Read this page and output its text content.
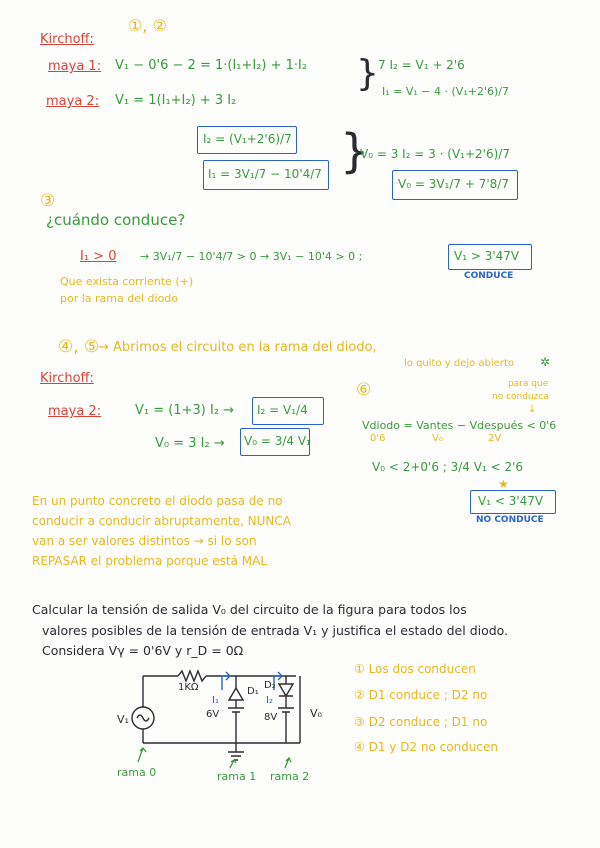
①, ②
Kirchoff:
maya 1: V₁ − 0'6 − 2 = 1·(I₁+I₂) + 1·I₂
maya 2: V₁ = 1(I₁+I₂) + 3 I₂
} 7 I₂ = V₁ + 2'6
I₁ = V₁ − 4 · (V₁+2'6)/7
I₂ = (V₁+2'6)/7
I₁ = 3V₁/7 − 10'4/7 }
V₀ = 3 I₂ = 3 · (V₁+2'6)/7
V₀ = 3V₁/7 + 7'8/7
③
¿cuándo conduce?
I₁ > 0 → 3V₁/7 − 10'4/7 > 0 → 3V₁ − 10'4 > 0 ;	V₁ > 3'47V
CONDUCE
Que exista corriente (+)
por la rama del diodo
④, ⑤
→ Abrimos el circuito en la rama del diodo,
lo quito y dejo abierto ✲
Kirchoff:
maya 2:	V₁ = (1+3) I₂ → I₂ = V₁/4
V₀ = 3 I₂ → V₀ = 3/4 V₁
⑥	para que
no conduzca
↓
Vdiodo = Vantes − Vdespués < 0'6
0'6	V₀	2V
V₀ < 2+0'6 ; 3/4 V₁ < 2'6
★
V₁ < 3'47V
NO CONDUCE
En un punto concreto el diodo pasa de no
conducir a conducir abruptamente, NUNCA
van a ser valores distintos → si lo son
REPASAR el problema porque está MAL
Calcular la tensión de salida V₀ del circuito de la figura para todos los
valores posibles de la tensión de entrada V₁ y justifica el estado del diodo.
Considera Vγ = 0'6V y r_D = 0Ω
① Los dos conducen
② D1 conduce ; D2 no
③ D2 conduce ; D1 no
④ D1 y D2 no conducen
1KΩ	D₁
D₂
I₁	I₂
6V	8V
V₁	V₀
rama 0	rama 1 rama 2
